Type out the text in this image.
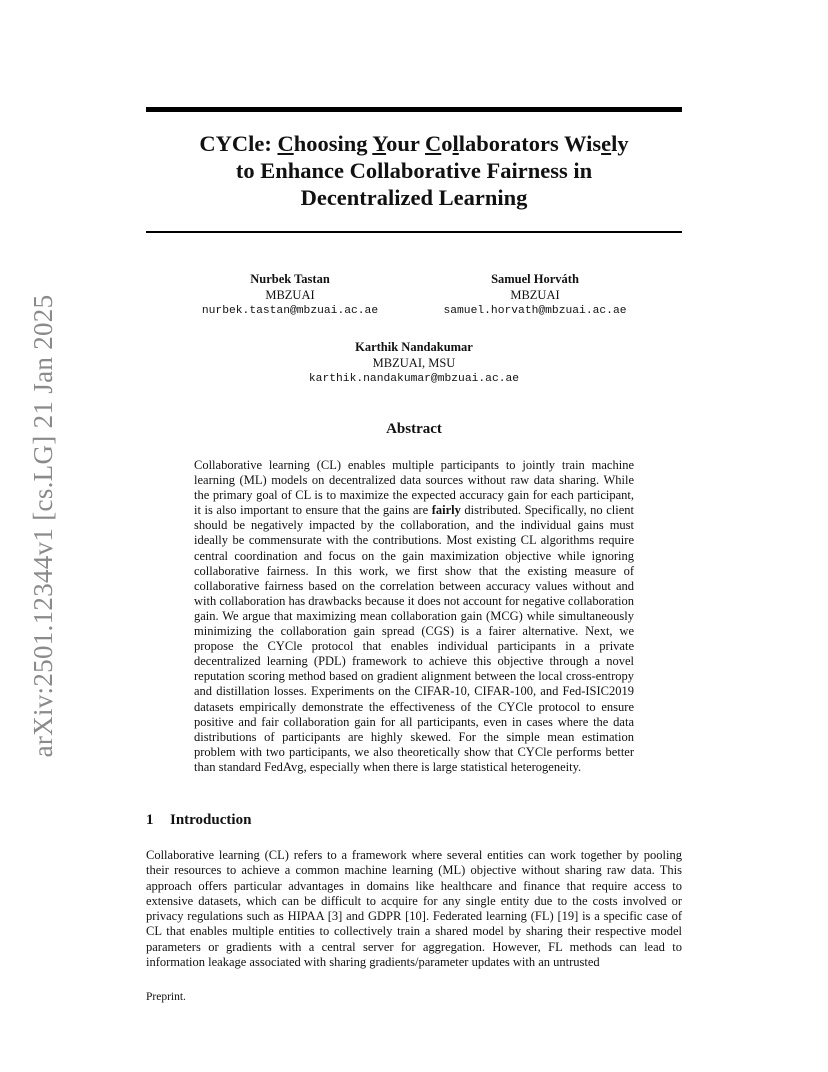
arXiv:2501.12344v1 [cs.LG] 21 Jan 2025
CYCle: Choosing Your Collaborators Wisely
to Enhance Collaborative Fairness in
Decentralized Learning
Nurbek Tastan
MBZUAI
nurbek.tastan@mbzuai.ac.ae
Samuel Horváth
MBZUAI
samuel.horvath@mbzuai.ac.ae
Karthik Nandakumar
MBZUAI, MSU
karthik.nandakumar@mbzuai.ac.ae
Abstract
Collaborative learning (CL) enables multiple participants to jointly train machine learning (ML) models on decentralized data sources without raw data sharing. While the primary goal of CL is to maximize the expected accuracy gain for each participant, it is also important to ensure that the gains are fairly distributed. Specifically, no client should be negatively impacted by the collaboration, and the individual gains must ideally be commensurate with the contributions. Most existing CL algorithms require central coordination and focus on the gain maximization objective while ignoring collaborative fairness. In this work, we first show that the existing measure of collaborative fairness based on the correlation between accuracy values without and with collaboration has drawbacks because it does not account for negative collaboration gain. We argue that maximizing mean collaboration gain (MCG) while simultaneously minimizing the collaboration gain spread (CGS) is a fairer alternative. Next, we propose the CYCle protocol that enables individual participants in a private decentralized learning (PDL) framework to achieve this objective through a novel reputation scoring method based on gradient alignment between the local cross-entropy and distillation losses. Experiments on the CIFAR-10, CIFAR-100, and Fed-ISIC2019 datasets empirically demonstrate the effectiveness of the CYCle protocol to ensure positive and fair collaboration gain for all participants, even in cases where the data distributions of participants are highly skewed. For the simple mean estimation problem with two participants, we also theoretically show that CYCle performs better than standard FedAvg, especially when there is large statistical heterogeneity.
1 Introduction
Collaborative learning (CL) refers to a framework where several entities can work together by pooling their resources to achieve a common machine learning (ML) objective without sharing raw data. This approach offers particular advantages in domains like healthcare and finance that require access to extensive datasets, which can be difficult to acquire for any single entity due to the costs involved or privacy regulations such as HIPAA [3] and GDPR [10]. Federated learning (FL) [19] is a specific case of CL that enables multiple entities to collectively train a shared model by sharing their respective model parameters or gradients with a central server for aggregation. However, FL methods can lead to information leakage associated with sharing gradients/parameter updates with an untrusted
Preprint.
